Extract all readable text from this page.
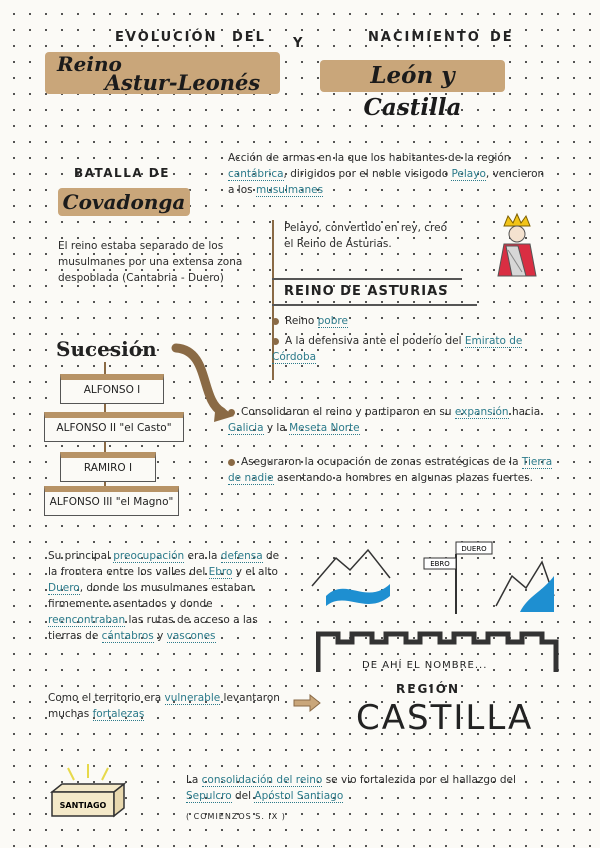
EVOLUCIÓN DEL Y	NACIMIENTO DE
Reino
Astur-Leonés	León y Castilla
BATALLA DE
Covadonga
Acción de armas en la que los habitantes de la región cantábrica, dirigidos por el noble visigodo Pelayo, vencieron a los musulmanes
El reino estaba separado de los musulmanes por una extensa zona despoblada (Cantabria - Duero)
Pelayo, convertido en rey, creó el Reino de Asturias.
REINO DE ASTURIAS
Reino pobre
A la defensiva ante el poderío del Emirato de Córdoba
Sucesión
ALFONSO I
ALFONSO II "el Casto"
RAMIRO I
ALFONSO III "el Magno"
Consolidaron el reino y partiparon en su expansión hacia Galicia y la Meseta Norte
Aseguraron la ocupación de zonas estratégicas de la Tierra de nadie asentando a hombres en algunas plazas fuertes.
Su principal preocupación era la defensa de la frontera entre los valles del Ebro y el alto Duero, donde los musulmanes estaban firmemente asentados y donde reencontraban las rutas de acceso a las tierras de cántabros y vascones
DUERO
EBRO
Como el territorio era vulnerable levantaron muchas fortalezas
DE AHÍ EL NOMBRE...
REGIÓN
CASTILLA
SANTIAGO
La consolidación del reino se vio fortalezida por el hallazgo del Sepulcro del Apóstol Santiago
( COMIENZOS S. IX )
